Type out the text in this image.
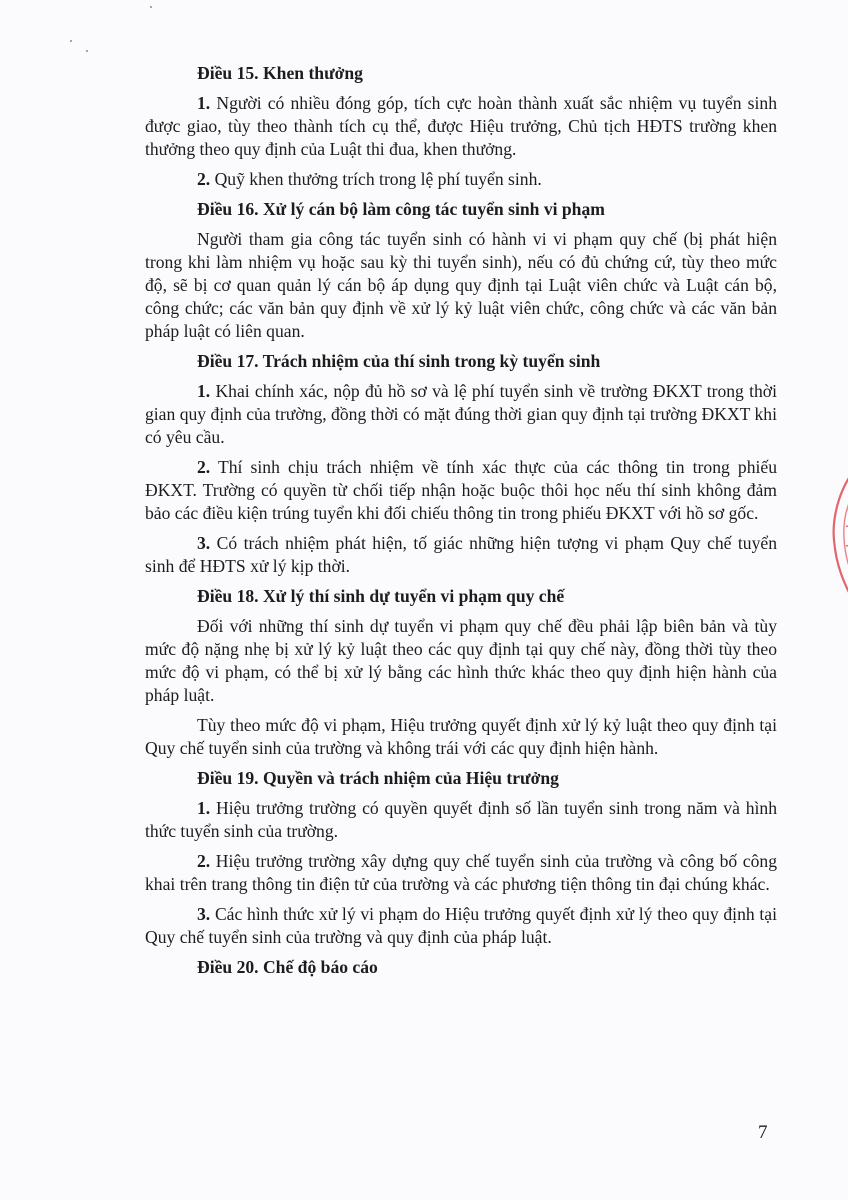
Điều 15. Khen thưởng

1. Người có nhiều đóng góp, tích cực hoàn thành xuất sắc nhiệm vụ tuyển sinh được giao, tùy theo thành tích cụ thể, được Hiệu trưởng, Chủ tịch HĐTS trường khen thưởng theo quy định của Luật thi đua, khen thưởng.

2. Quỹ khen thưởng trích trong lệ phí tuyển sinh.

Điều 16. Xử lý cán bộ làm công tác tuyển sinh vi phạm

Người tham gia công tác tuyển sinh có hành vi vi phạm quy chế (bị phát hiện trong khi làm nhiệm vụ hoặc sau kỳ thi tuyển sinh), nếu có đủ chứng cứ, tùy theo mức độ, sẽ bị cơ quan quản lý cán bộ áp dụng quy định tại Luật viên chức và Luật cán bộ, công chức; các văn bản quy định về xử lý kỷ luật viên chức, công chức và các văn bản pháp luật có liên quan.

Điều 17. Trách nhiệm của thí sinh trong kỳ tuyển sinh

1. Khai chính xác, nộp đủ hồ sơ và lệ phí tuyển sinh về trường ĐKXT trong thời gian quy định của trường, đồng thời có mặt đúng thời gian quy định tại trường ĐKXT khi có yêu cầu.

2. Thí sinh chịu trách nhiệm về tính xác thực của các thông tin trong phiếu ĐKXT. Trường có quyền từ chối tiếp nhận hoặc buộc thôi học nếu thí sinh không đảm bảo các điều kiện trúng tuyển khi đối chiếu thông tin trong phiếu ĐKXT với hồ sơ gốc.

3. Có trách nhiệm phát hiện, tố giác những hiện tượng vi phạm Quy chế tuyển sinh để HĐTS xử lý kịp thời.

Điều 18. Xử lý thí sinh dự tuyển vi phạm quy chế

Đối với những thí sinh dự tuyển vi phạm quy chế đều phải lập biên bản và tùy mức độ nặng nhẹ bị xử lý kỷ luật theo các quy định tại quy chế này, đồng thời tùy theo mức độ vi phạm, có thể bị xử lý bằng các hình thức khác theo quy định hiện hành của pháp luật.

Tùy theo mức độ vi phạm, Hiệu trưởng quyết định xử lý kỷ luật theo quy định tại Quy chế tuyển sinh của trường và không trái với các quy định hiện hành.

Điều 19. Quyền và trách nhiệm của Hiệu trưởng

1. Hiệu trưởng trường có quyền quyết định số lần tuyển sinh trong năm và hình thức tuyển sinh của trường.

2. Hiệu trưởng trường xây dựng quy chế tuyển sinh của trường và công bố công khai trên trang thông tin điện tử của trường và các phương tiện thông tin đại chúng khác.

3. Các hình thức xử lý vi phạm do Hiệu trưởng quyết định xử lý theo quy định tại Quy chế tuyển sinh của trường và quy định của pháp luật.

Điều 20. Chế độ báo cáo

7
